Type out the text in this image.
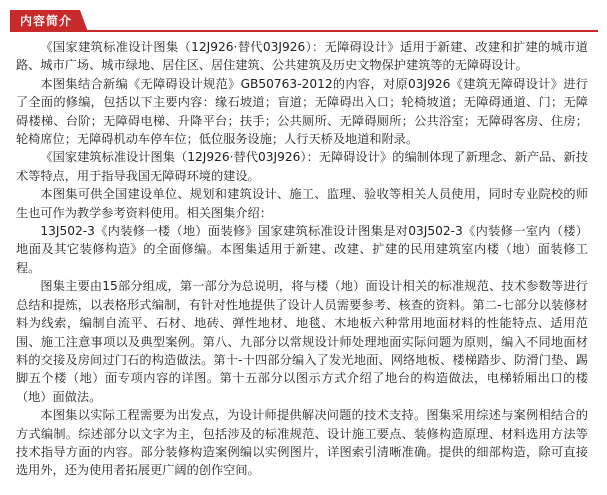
内容简介

《国家建筑标准设计图集（12J926·替代03J926）：无障碍设计》适用于新建、改建和扩建的城市道路、城市广场、城市绿地、居住区、居住建筑、公共建筑及历史文物保护建筑等的无障碍设计。

本图集结合新编《无障碍设计规范》GB50763-2012的内容，对原03J926《建筑无障碍设计》进行了全面的修编，包括以下主要内容：缘石坡道；盲道；无障碍出入口；轮椅坡道；无障碍通道、门；无障碍楼梯、台阶；无障碍电梯、升降平台；扶手；公共厕所、无障碍厕所；公共浴室；无障碍客房、住房；轮椅席位；无障碍机动车停车位；低位服务设施；人行天桥及地道和附录。

《国家建筑标准设计图集（12J926·替代03J926）：无障碍设计》的编制体现了新理念、新产品、新技术等特点，用于指导我国无障碍环境的建设。

本图集可供全国建设单位、规划和建筑设计、施工、监理、验收等相关人员使用，同时专业院校的师生也可作为教学参考资料使用。相关图集介绍：

13J502-3《内装修一楼（地）面装修》国家建筑标准设计图集是对03J502-3《内装修一室内（楼）地面及其它装修构造》的全面修编。本图集适用于新建、改建、扩建的民用建筑室内楼（地）面装修工程。

图集主要由15部分组成，第一部分为总说明，将与楼（地）面设计相关的标准规范、技术参数等进行总结和提炼，以表格形式编制，有针对性地提供了设计人员需要参考、核查的资料。第二-七部分以装修材料为线索，编制自流平、石材、地砖、弹性地材、地毯、木地板六种常用地面材料的性能特点、适用范围、施工注意事项以及典型案例。第八、九部分以常规设计师处理地面实际问题为原则，编入不同地面材料的交接及房间过门石的构造做法。第十-十四部分编入了发光地面、网络地板、楼梯踏步、防滑门垫、踢脚五个楼（地）面专项内容的详图。第十五部分以图示方式介绍了地台的构造做法，电梯轿厢出口的楼（地）面做法。

本图集以实际工程需要为出发点，为设计师提供解决问题的技术支持。图集采用综述与案例相结合的方式编制。综述部分以文字为主，包括涉及的标准规范、设计施工要点、装修构造原理、材料选用方法等技术指导方面的内容。部分装修构造案例编以实例图片，详图索引清晰准确。提供的细部构造，除可直接选用外，还为使用者拓展更广阔的创作空间。
